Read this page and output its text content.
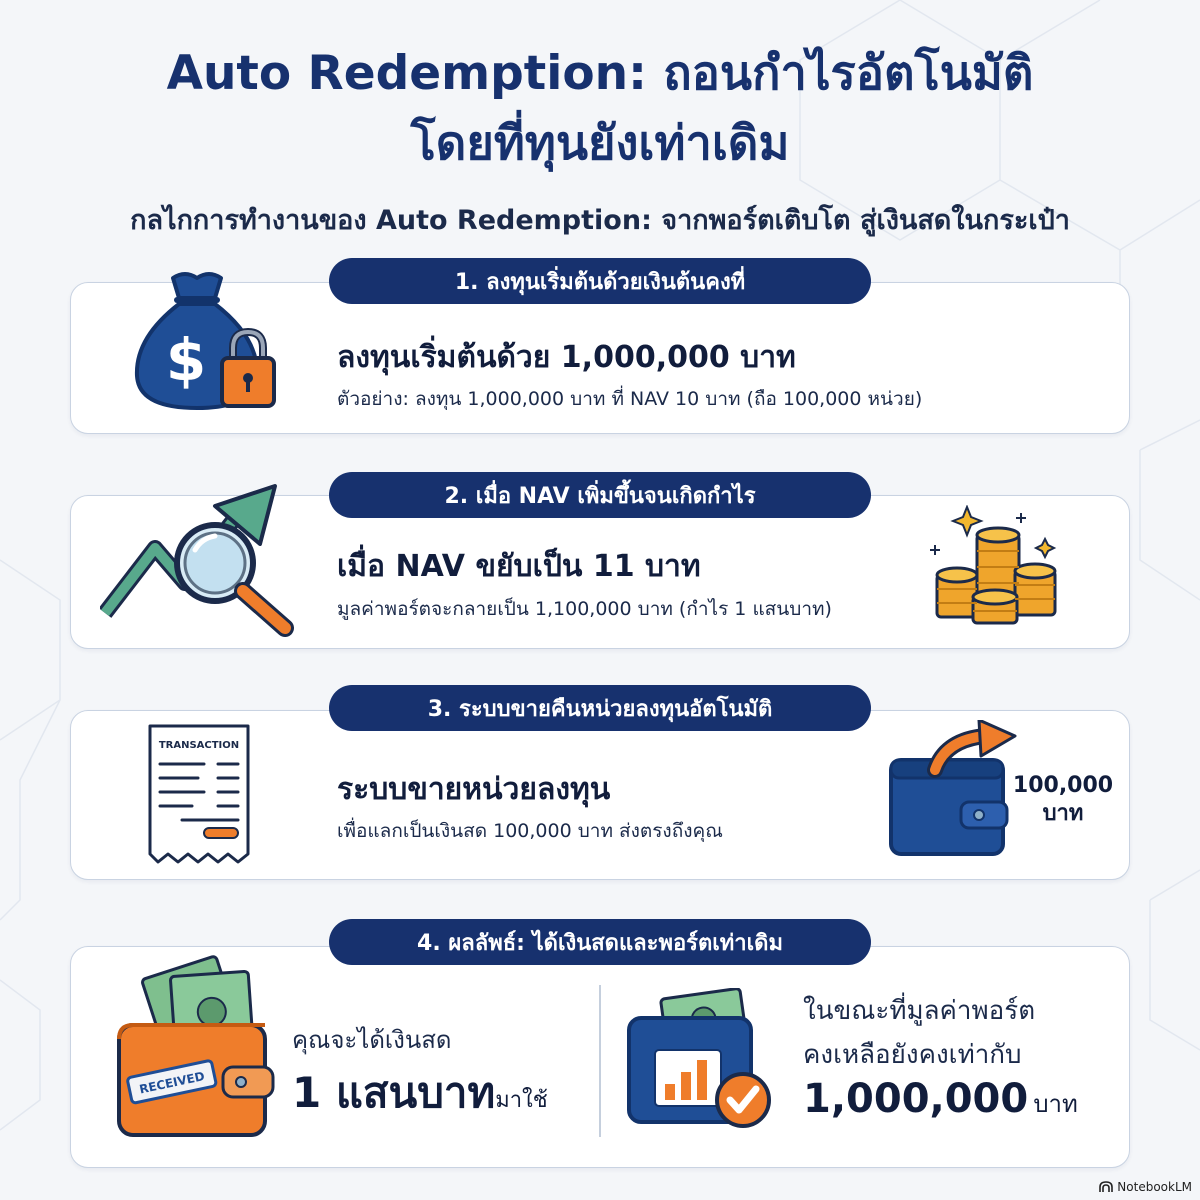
Auto Redemption: ถอนกำไรอัตโนมัติ
โดยที่ทุนยังเท่าเดิม
กลไกการทำงานของ Auto Redemption: จากพอร์ตเติบโต สู่เงินสดในกระเป๋า
1. ลงทุนเริ่มต้นด้วยเงินต้นคงที่
2. เมื่อ NAV เพิ่มขึ้นจนเกิดกำไร
3. ระบบขายคืนหน่วยลงทุนอัตโนมัติ
4. ผลลัพธ์: ได้เงินสดและพอร์ตเท่าเดิม
$	ลงทุนเริ่มต้นด้วย 1,000,000 บาท
ตัวอย่าง: ลงทุน 1,000,000 บาท ที่ NAV 10 บาท (ถือ 100,000 หน่วย)
เมื่อ NAV ขยับเป็น 11 บาท
มูลค่าพอร์ตจะกลายเป็น 1,100,000 บาท (กำไร 1 แสนบาท)
TRANSACTION
ระบบขายหน่วยลงทุน
เพื่อแลกเป็นเงินสด 100,000 บาท ส่งตรงถึงคุณ
100,000
บาท
RECEIVED
คุณจะได้เงินสด
1 แสนบาทมาใช้
ในขณะที่มูลค่าพอร์ต
คงเหลือยังคงเท่ากับ
1,000,000 บาท
NotebookLM
